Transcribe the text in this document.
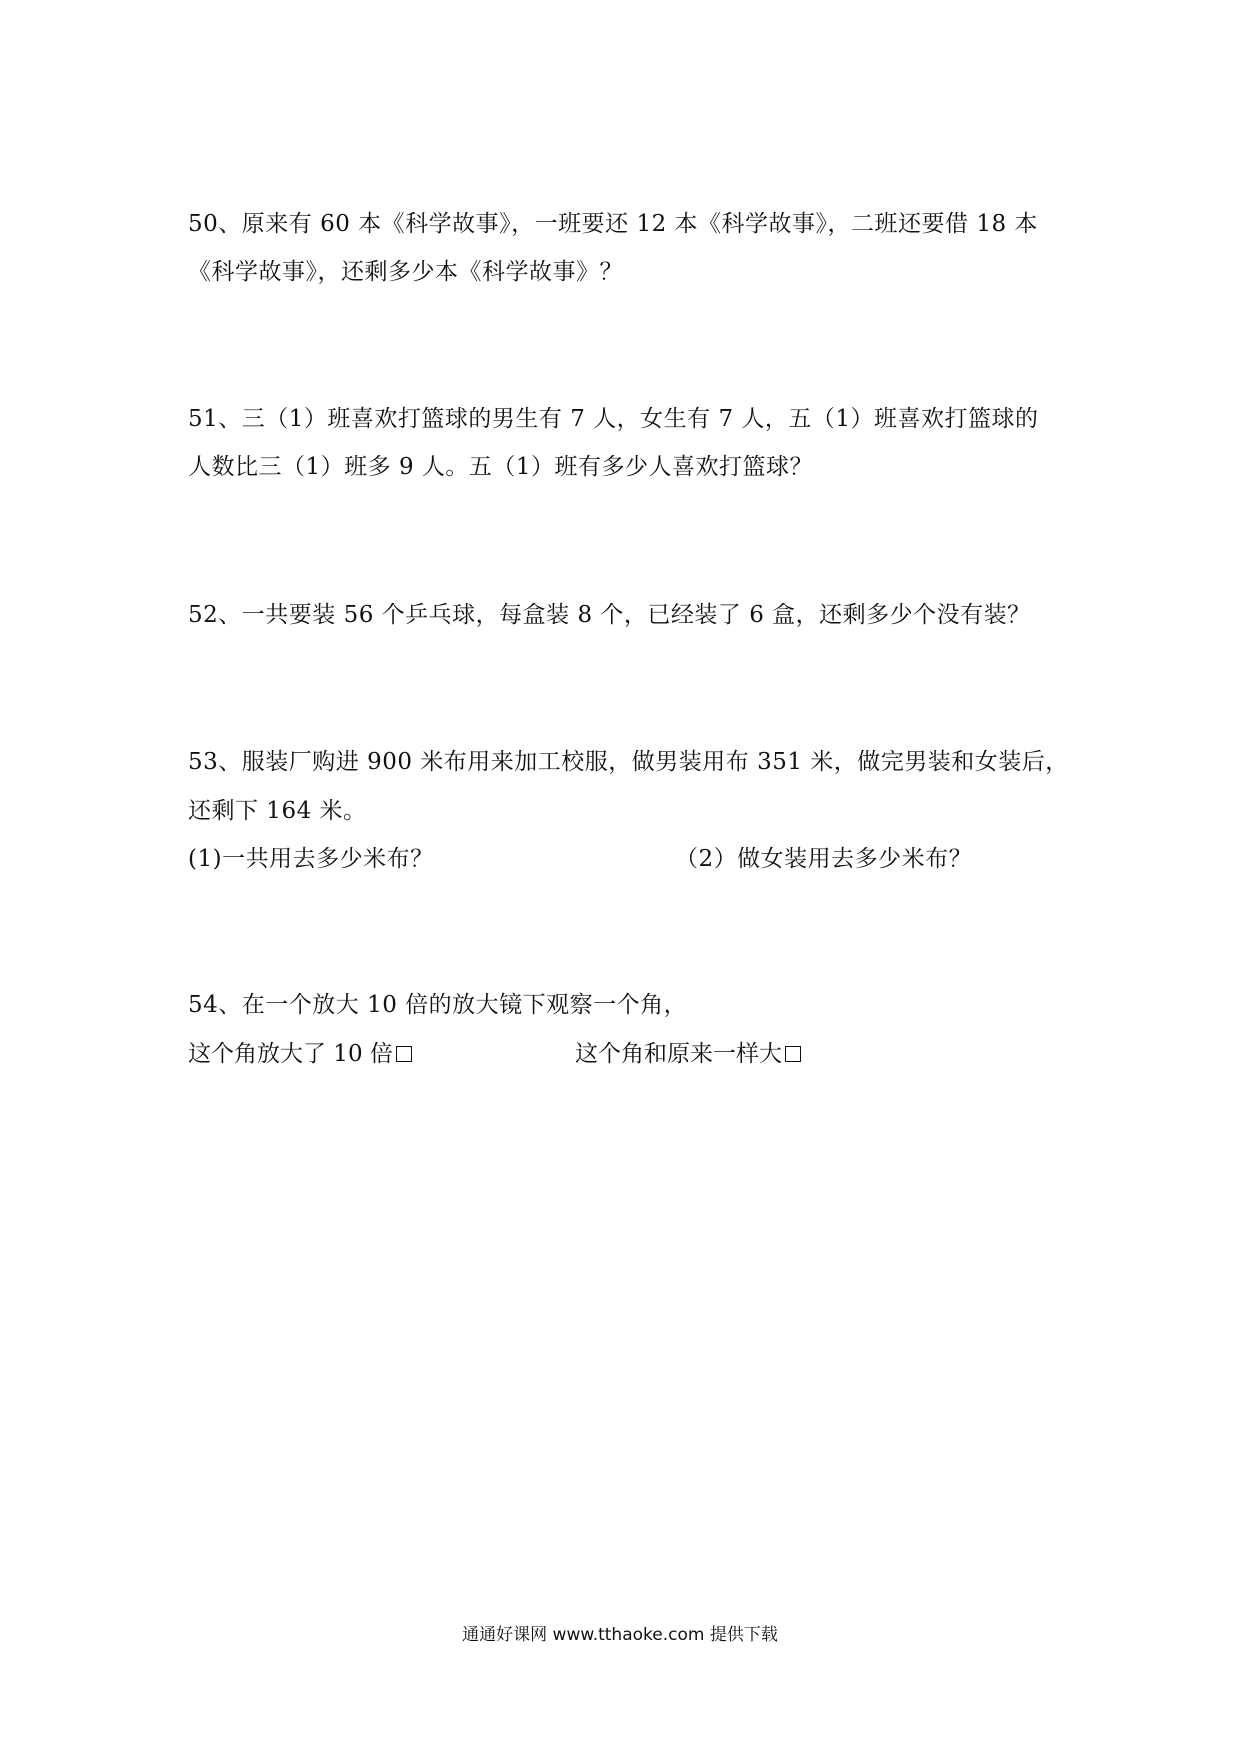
50、原来有 60 本《科学故事》，一班要还 12 本《科学故事》，二班还要借 18 本
《科学故事》，还剩多少本《科学故事》？
51、三（1）班喜欢打篮球的男生有 7 人，女生有 7 人，五（1）班喜欢打篮球的
人数比三（1）班多 9 人。五（1）班有多少人喜欢打篮球？
52、一共要装 56 个乒乓球，每盒装 8 个，已经装了 6 盒，还剩多少个没有装？
53、服装厂购进 900 米布用来加工校服，做男装用布 351 米，做完男装和女装后，
还剩下 164 米。
(1)一共用去多少米布？	（2）做女装用去多少米布？
54、在一个放大 10 倍的放大镜下观察一个角，
这个角放大了 10 倍	这个角和原来一样大
通通好课网 www.tthaoke.com 提供下载
